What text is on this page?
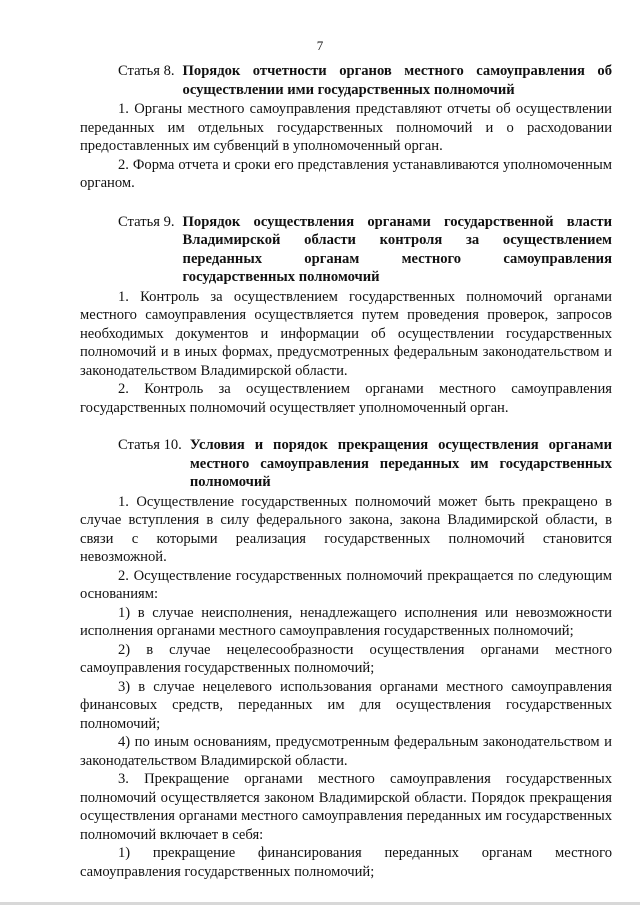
7
Статья 8. Порядок отчетности органов местного самоуправления об осуществлении ими государственных полномочий

1. Органы местного самоуправления представляют отчеты об осуществлении переданных им отдельных государственных полномочий и о расходовании предоставленных им субвенций в уполномоченный орган.

2. Форма отчета и сроки его представления устанавливаются уполномоченным органом.

Статья 9. Порядок осуществления органами государственной власти Владимирской области контроля за осуществлением переданных органам местного самоуправления государственных полномочий

1. Контроль за осуществлением государственных полномочий органами местного самоуправления осуществляется путем проведения проверок, запросов необходимых документов и информации об осуществлении государственных полномочий и в иных формах, предусмотренных федеральным законодательством и законодательством Владимирской области.

2. Контроль за осуществлением органами местного самоуправления государственных полномочий осуществляет уполномоченный орган.

Статья 10. Условия и порядок прекращения осуществления органами местного самоуправления переданных им государственных полномочий

1. Осуществление государственных полномочий может быть прекращено в случае вступления в силу федерального закона, закона Владимирской области, в связи с которыми реализация государственных полномочий становится невозможной.

2. Осуществление государственных полномочий прекращается по следующим основаниям:

1) в случае неисполнения, ненадлежащего исполнения или невозможности исполнения органами местного самоуправления государственных полномочий;

2) в случае нецелесообразности осуществления органами местного самоуправления государственных полномочий;

3) в случае нецелевого использования органами местного самоуправления финансовых средств, переданных им для осуществления государственных полномочий;

4) по иным основаниям, предусмотренным федеральным законодательством и законодательством Владимирской области.

3. Прекращение органами местного самоуправления государственных полномочий осуществляется законом Владимирской области. Порядок прекращения осуществления органами местного самоуправления переданных им государственных полномочий включает в себя:

1) прекращение финансирования переданных органам местного самоуправления государственных полномочий;
